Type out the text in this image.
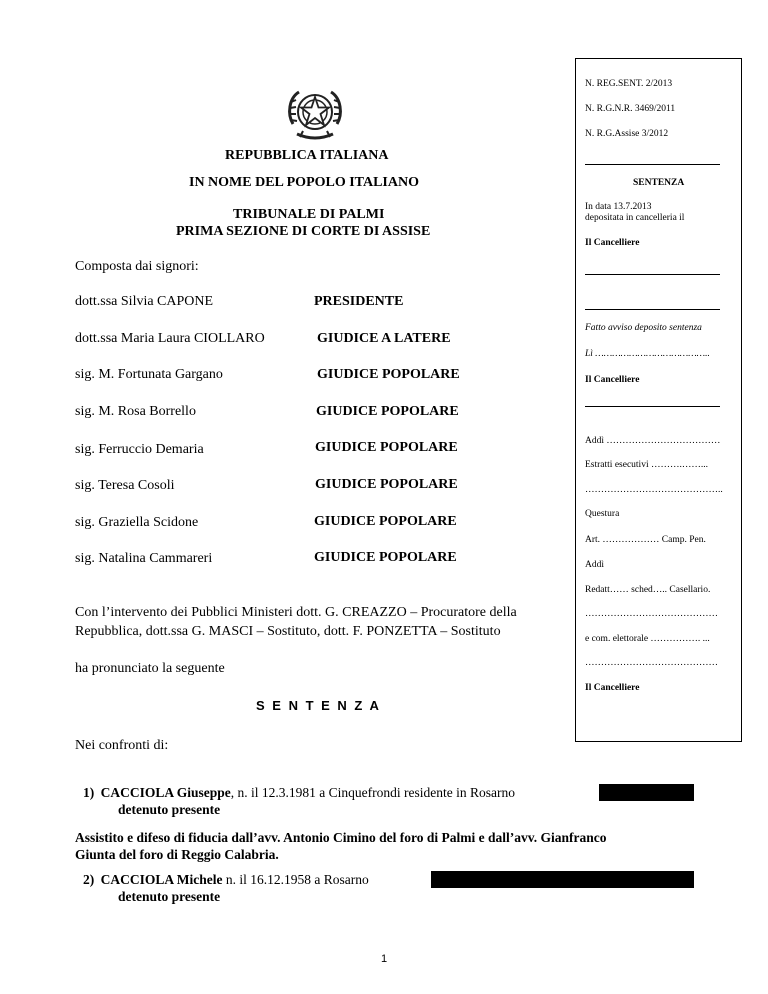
REPUBBLICA ITALIANA
IN NOME DEL POPOLO ITALIANO
TRIBUNALE DI PALMI
PRIMA SEZIONE DI CORTE DI ASSISE
Composta dai signori:
dott.ssa Silvia CAPONE	PRESIDENTE
dott.ssa Maria Laura CIOLLARO	GIUDICE A LATERE
sig. M. Fortunata Gargano	GIUDICE POPOLARE
sig. M. Rosa Borrello	GIUDICE POPOLARE
sig. Ferruccio Demaria	GIUDICE POPOLARE
sig. Teresa Cosoli	GIUDICE POPOLARE
sig. Graziella Scidone	GIUDICE POPOLARE
sig. Natalina Cammareri	GIUDICE POPOLARE
Con l’intervento dei Pubblici Ministeri dott. G. CREAZZO – Procuratore della
Repubblica, dott.ssa G. MASCI – Sostituto, dott. F. PONZETTA – Sostituto
ha pronunciato la seguente
S E N T E N Z A
Nei confronti di:
1) CACCIOLA Giuseppe, n. il 12.3.1981 a Cinquefrondi residente in Rosarno
detenuto presente
Assistito e difeso di fiducia dall’avv. Antonio Cimino del foro di Palmi e dall’avv. Gianfranco
Giunta del foro di Reggio Calabria.
2) CACCIOLA Michele n. il 16.12.1958 a Rosarno
detenuto presente
1
N. REG.SENT. 2/2013
N. R.G.N.R. 3469/2011
N. R.G.Assise 3/2012
SENTENZA
In data 13.7.2013
depositata in cancelleria il
Il Cancelliere
Fatto avviso deposito sentenza
Lì …………………………………..
Il Cancelliere
Addì ………………………………
Estratti esecutivi ……….……...
……………………………………..
Questura
Art. ……………… Camp. Pen.
Addì
Redatt…… sched….. Casellario.
……………………………………
e com. elettorale ……………. ...
……………………………………
Il Cancelliere
